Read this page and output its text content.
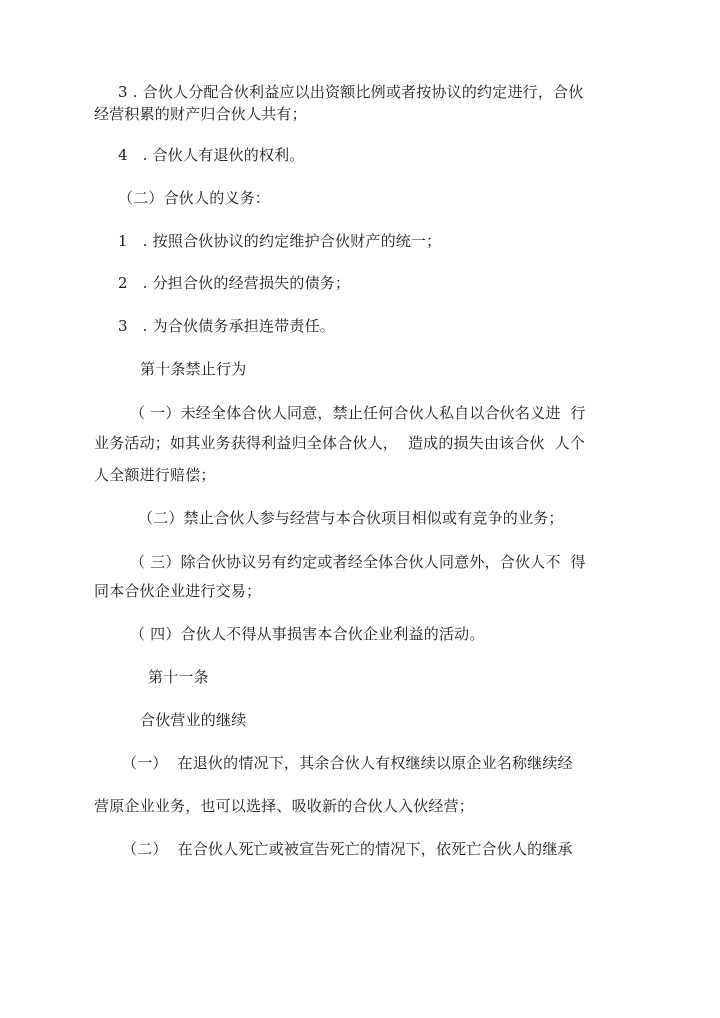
3 . 合伙人分配合伙利益应以出资额比例或者按协议的约定进行，合伙
经营积累的财产归合伙人共有；
4   . 合伙人有退伙的权利。
（二）合伙人的义务：
1   . 按照合伙协议的约定维护合伙财产的统一；
2   . 分担合伙的经营损失的债务；
3   . 为合伙债务承担连带责任。
第十条禁止行为
（ 一）未经全体合伙人同意，禁止任何合伙人私自以合伙名义进  行
业务活动；如其业务获得利益归全体合伙人，  造成的损失由该合伙  人个
人全额进行赔偿；
（二）禁止合伙人参与经营与本合伙项目相似或有竞争的业务；
（ 三）除合伙协议另有约定或者经全体合伙人同意外，合伙人不  得
同本合伙企业进行交易；
（ 四）合伙人不得从事损害本合伙企业利益的活动。
第十一条
合伙营业的继续
（一）  在退伙的情况下，其余合伙人有权继续以原企业名称继续经
营原企业业务，也可以选择、吸收新的合伙人入伙经营；
（二）  在合伙人死亡或被宣告死亡的情况下，依死亡合伙人的继承
